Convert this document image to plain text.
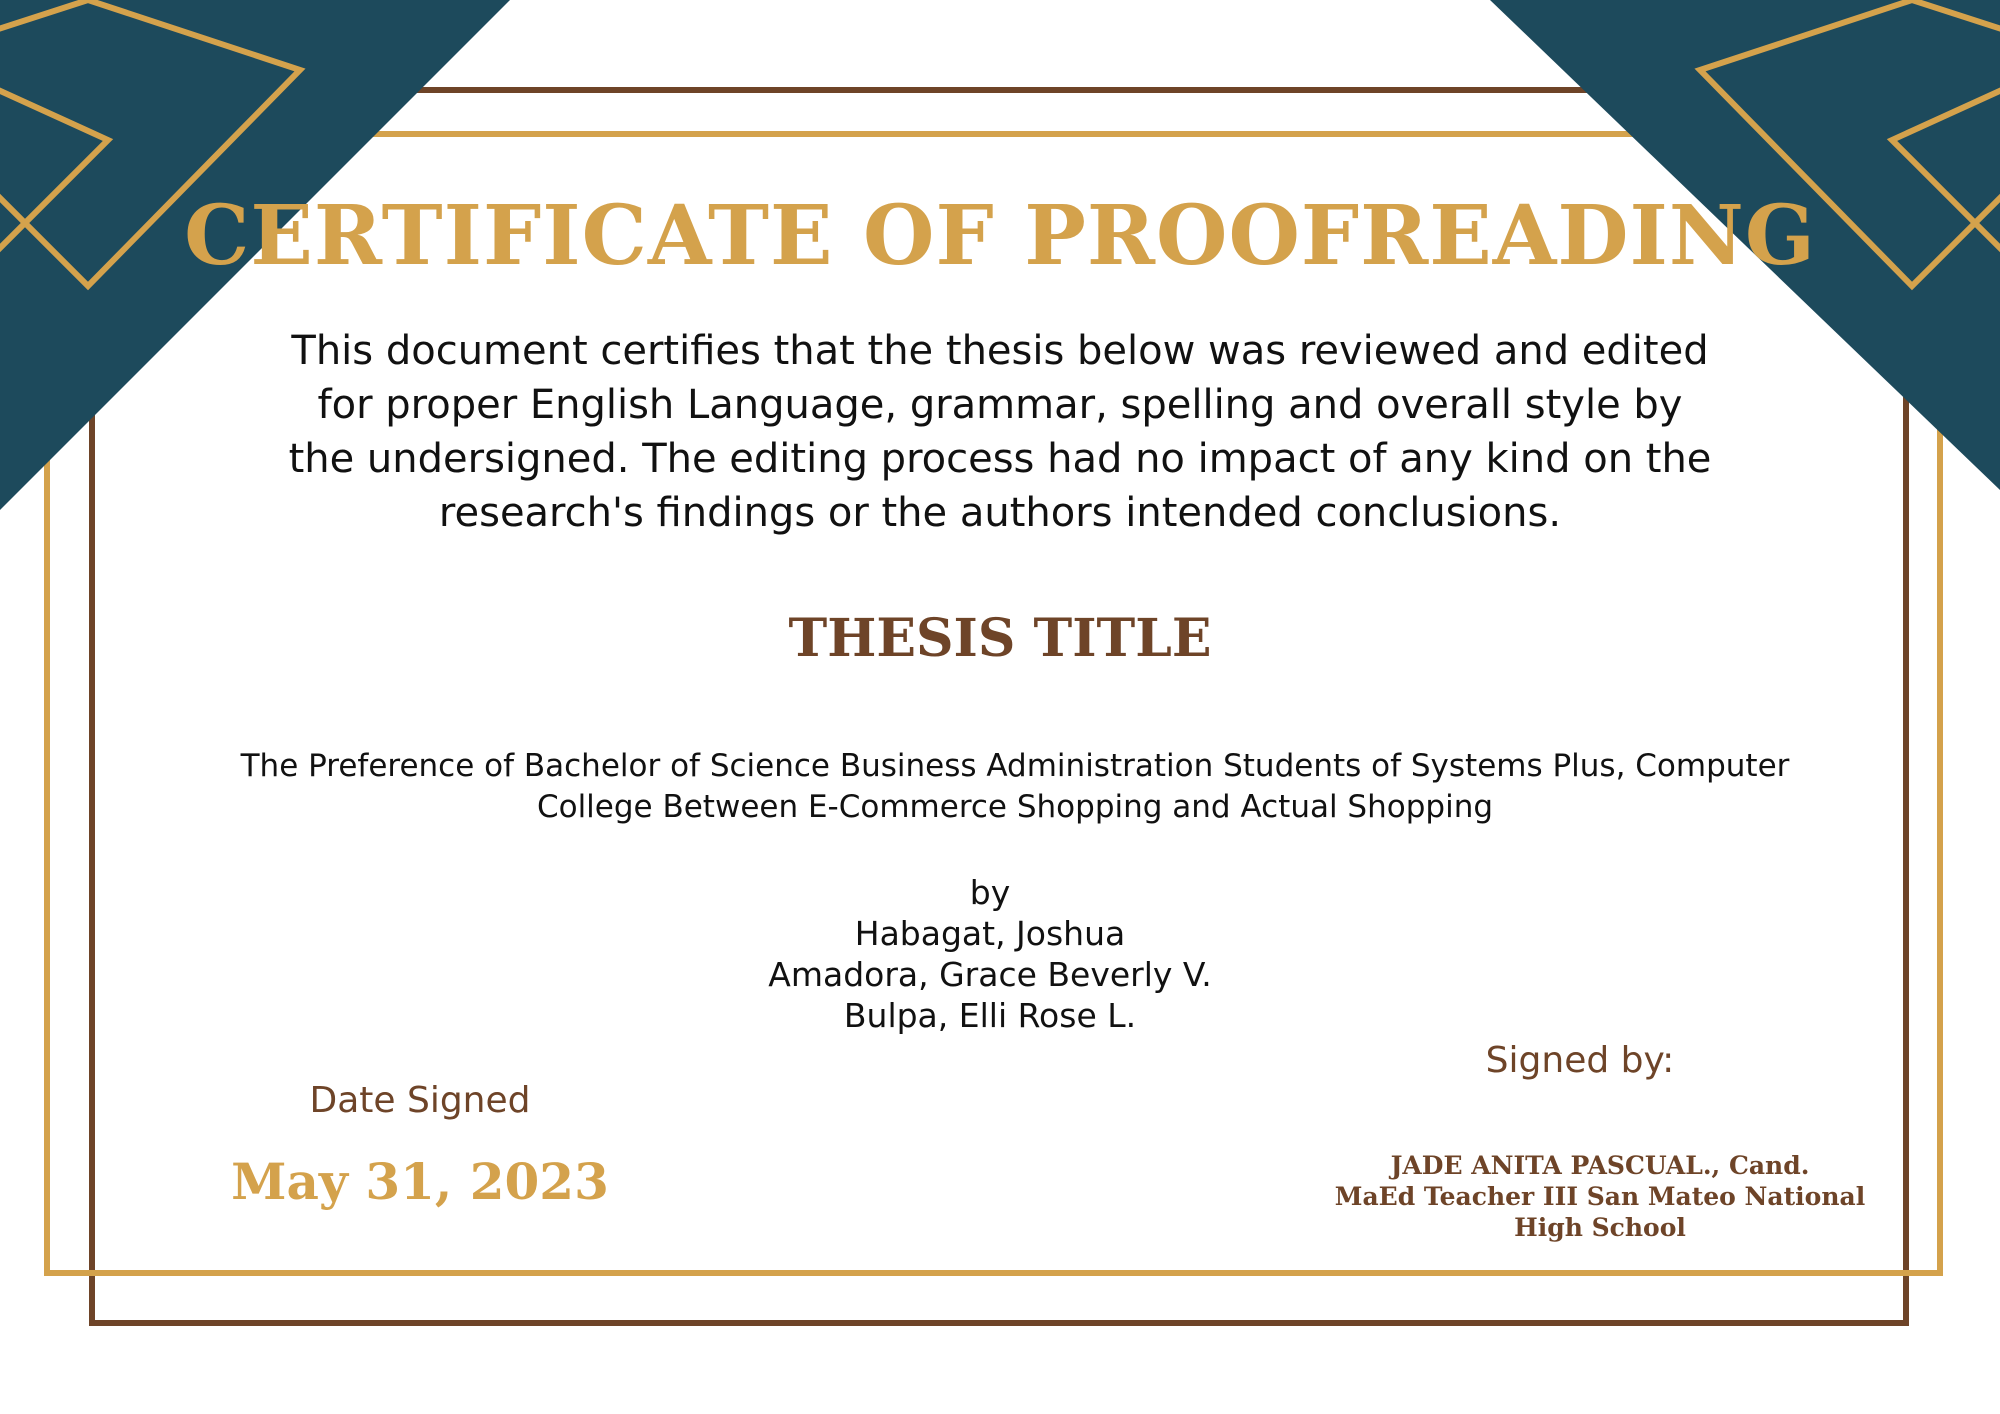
CERTIFICATE OF PROOFREADING
This document certifies that the thesis below was reviewed and edited
for proper English Language, grammar, spelling and overall style by
the undersigned. The editing process had no impact of any kind on the
research's findings or the authors intended conclusions.
THESIS TITLE
The Preference of Bachelor of Science Business Administration Students of Systems Plus, Computer
College Between E-Commerce Shopping and Actual Shopping
by
Habagat, Joshua
Amadora, Grace Beverly V.
Bulpa, Elli Rose L.
Date Signed
May 31, 2023
Signed by:
JADE ANITA PASCUAL., Cand.
MaEd Teacher III San Mateo National
High School
